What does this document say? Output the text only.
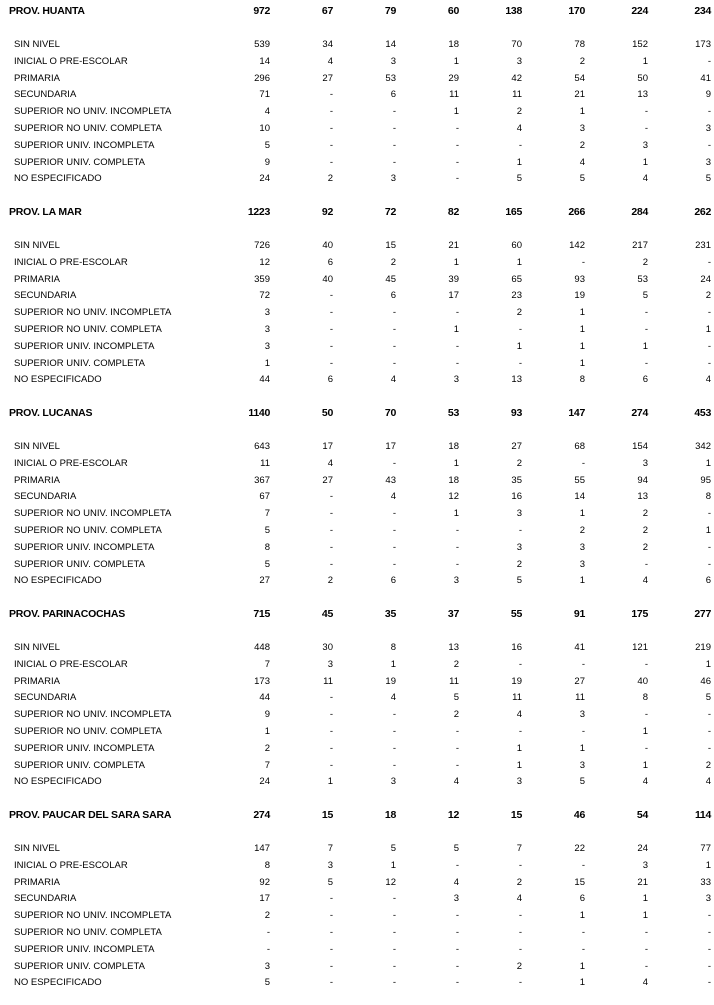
PROV. HUANTA	972	67	79	60	138	170	224	234
SIN NIVEL	539	34	14	18	70	78	152	173
INICIAL O PRE-ESCOLAR	14	4	3	1	3	2	1	-
PRIMARIA	296	27	53	29	42	54	50	41
SECUNDARIA	71	-	6	11	11	21	13	9
SUPERIOR NO UNIV. INCOMPLETA	4	-	-	1	2	1	-	-
SUPERIOR NO UNIV. COMPLETA	10	-	-	-	4	3	-	3
SUPERIOR UNIV. INCOMPLETA	5	-	-	-	-	2	3	-
SUPERIOR UNIV. COMPLETA	9	-	-	-	1	4	1	3
NO ESPECIFICADO	24	2	3	-	5	5	4	5
PROV. LA MAR	1223	92	72	82	165	266	284	262
SIN NIVEL	726	40	15	21	60	142	217	231
INICIAL O PRE-ESCOLAR	12	6	2	1	1	-	2	-
PRIMARIA	359	40	45	39	65	93	53	24
SECUNDARIA	72	-	6	17	23	19	5	2
SUPERIOR NO UNIV. INCOMPLETA	3	-	-	-	2	1	-	-
SUPERIOR NO UNIV. COMPLETA	3	-	-	1	-	1	-	1
SUPERIOR UNIV. INCOMPLETA	3	-	-	-	1	1	1	-
SUPERIOR UNIV. COMPLETA	1	-	-	-	-	1	-	-
NO ESPECIFICADO	44	6	4	3	13	8	6	4
PROV. LUCANAS	1140	50	70	53	93	147	274	453
SIN NIVEL	643	17	17	18	27	68	154	342
INICIAL O PRE-ESCOLAR	11	4	-	1	2	-	3	1
PRIMARIA	367	27	43	18	35	55	94	95
SECUNDARIA	67	-	4	12	16	14	13	8
SUPERIOR NO UNIV. INCOMPLETA	7	-	-	1	3	1	2	-
SUPERIOR NO UNIV. COMPLETA	5	-	-	-	-	2	2	1
SUPERIOR UNIV. INCOMPLETA	8	-	-	-	3	3	2	-
SUPERIOR UNIV. COMPLETA	5	-	-	-	2	3	-	-
NO ESPECIFICADO	27	2	6	3	5	1	4	6
PROV. PARINACOCHAS	715	45	35	37	55	91	175	277
SIN NIVEL	448	30	8	13	16	41	121	219
INICIAL O PRE-ESCOLAR	7	3	1	2	-	-	-	1
PRIMARIA	173	11	19	11	19	27	40	46
SECUNDARIA	44	-	4	5	11	11	8	5
SUPERIOR NO UNIV. INCOMPLETA	9	-	-	2	4	3	-	-
SUPERIOR NO UNIV. COMPLETA	1	-	-	-	-	-	1	-
SUPERIOR UNIV. INCOMPLETA	2	-	-	-	1	1	-	-
SUPERIOR UNIV. COMPLETA	7	-	-	-	1	3	1	2
NO ESPECIFICADO	24	1	3	4	3	5	4	4
PROV. PAUCAR DEL SARA SARA	274	15	18	12	15	46	54	114
SIN NIVEL	147	7	5	5	7	22	24	77
INICIAL O PRE-ESCOLAR	8	3	1	-	-	-	3	1
PRIMARIA	92	5	12	4	2	15	21	33
SECUNDARIA	17	-	-	3	4	6	1	3
SUPERIOR NO UNIV. INCOMPLETA	2	-	-	-	-	1	1	-
SUPERIOR NO UNIV. COMPLETA	-	-	-	-	-	-	-	-
SUPERIOR UNIV. INCOMPLETA	-	-	-	-	-	-	-	-
SUPERIOR UNIV. COMPLETA	3	-	-	-	2	1	-	-
NO ESPECIFICADO	5	-	-	-	-	1	4	-
